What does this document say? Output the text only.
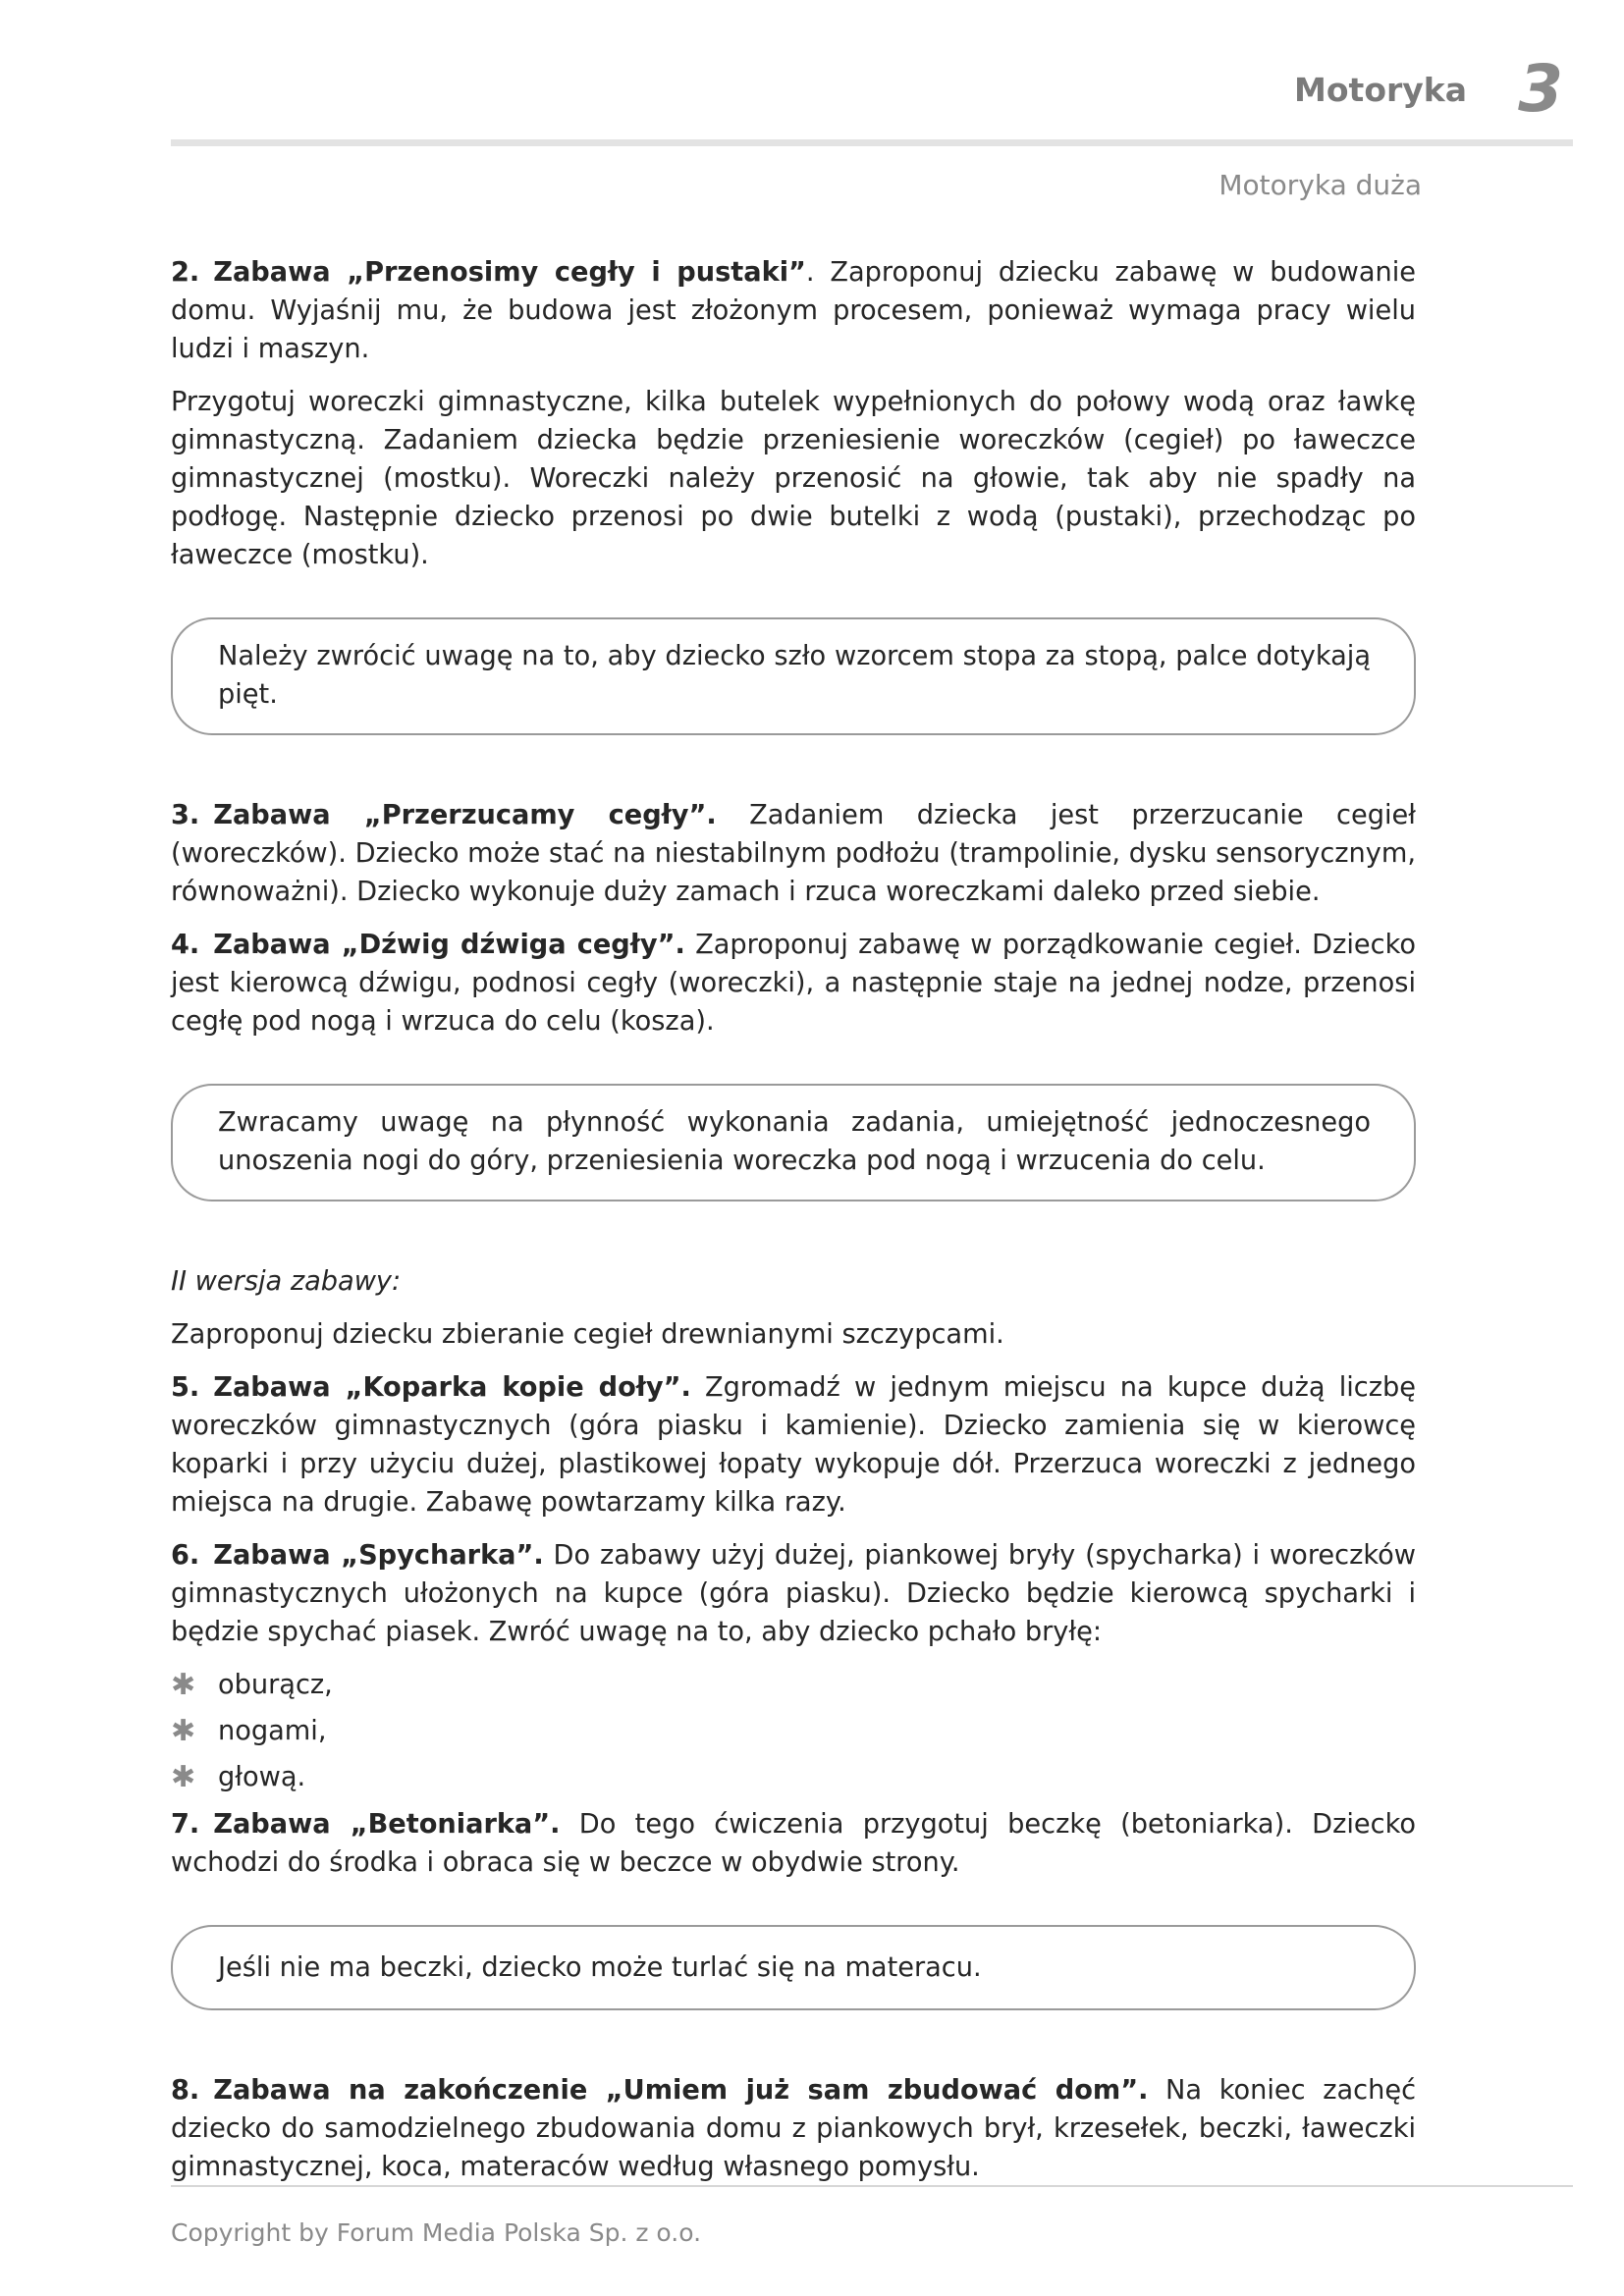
Motoryka 3
Motoryka duża

2. Zabawa „Przenosimy cegły i pustaki”. Zaproponuj dziecku zabawę w budowanie domu. Wyjaśnij mu, że budowa jest złożonym procesem, ponieważ wymaga pracy wielu ludzi i maszyn.

Przygotuj woreczki gimnastyczne, kilka butelek wypełnionych do połowy wodą oraz ławkę gimnastyczną. Zadaniem dziecka będzie przeniesienie woreczków (cegieł) po ławeczce gimnastycznej (mostku). Woreczki należy przenosić na głowie, tak aby nie spadły na podłogę. Następnie dziecko przenosi po dwie butelki z wodą (pustaki), przechodząc po ławeczce (mostku).

Należy zwrócić uwagę na to, aby dziecko szło wzorcem stopa za stopą, palce dotykają pięt.

3. Zabawa „Przerzucamy cegły”. Zadaniem dziecka jest przerzucanie cegieł (woreczków). Dziecko może stać na niestabilnym podłożu (trampolinie, dysku sensorycznym, równoważni). Dziecko wykonuje duży zamach i rzuca woreczkami daleko przed siebie.

4. Zabawa „Dźwig dźwiga cegły”. Zaproponuj zabawę w porządkowanie cegieł. Dziecko jest kierowcą dźwigu, podnosi cegły (woreczki), a następnie staje na jednej nodze, przenosi cegłę pod nogą i wrzuca do celu (kosza).

Zwracamy uwagę na płynność wykonania zadania, umiejętność jednoczesnego unoszenia nogi do góry, przeniesienia woreczka pod nogą i wrzucenia do celu.

II wersja zabawy:

Zaproponuj dziecku zbieranie cegieł drewnianymi szczypcami.

5. Zabawa „Koparka kopie doły”. Zgromadź w jednym miejscu na kupce dużą liczbę woreczków gimnastycznych (góra piasku i kamienie). Dziecko zamienia się w kierowcę koparki i przy użyciu dużej, plastikowej łopaty wykopuje dół. Przerzuca woreczki z jednego miejsca na drugie. Zabawę powtarzamy kilka razy.

6. Zabawa „Spycharka”. Do zabawy użyj dużej, piankowej bryły (spycharka) i woreczków gimnastycznych ułożonych na kupce (góra piasku). Dziecko będzie kierowcą spycharki i będzie spychać piasek. Zwróć uwagę na to, aby dziecko pchało bryłę:

✱ oburącz,
✱ nogami,
✱ głową.

7. Zabawa „Betoniarka”. Do tego ćwiczenia przygotuj beczkę (betoniarka). Dziecko wchodzi do środka i obraca się w beczce w obydwie strony.

Jeśli nie ma beczki, dziecko może turlać się na materacu.

8. Zabawa na zakończenie „Umiem już sam zbudować dom”. Na koniec zachęć dziecko do samodzielnego zbudowania domu z piankowych brył, krzesełek, beczki, ławeczki gimnastycznej, koca, materaców według własnego pomysłu.

Copyright by Forum Media Polska Sp. z o.o.
